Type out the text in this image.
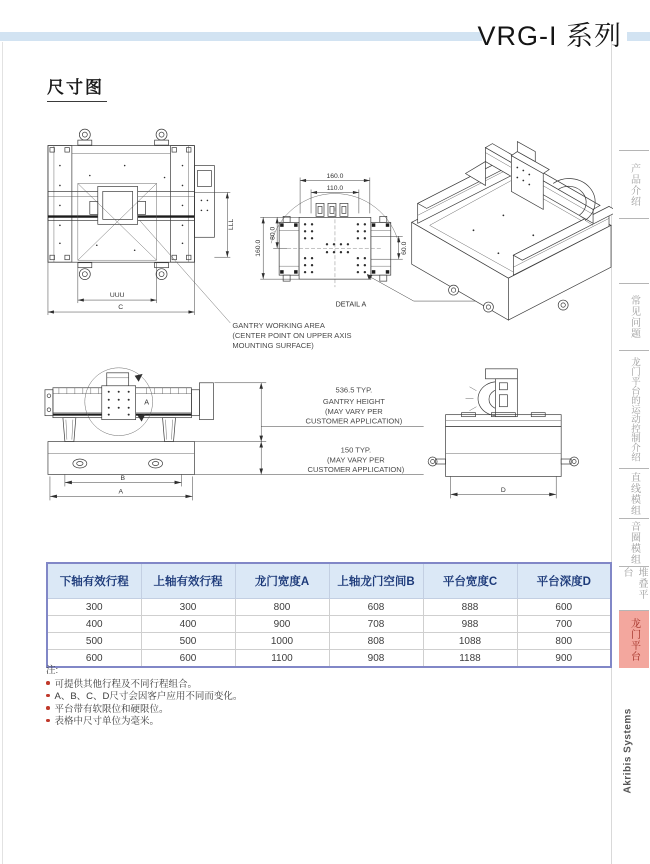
VRG-I 系列
尺寸图
UUU
C
LLL
GANTRY WORKING AREA
(CENTER POINT ON UPPER AXIS
MOUNTING SURFACE)
160.0
110.0
160.0
80.0
60.0
DETAIL A
A
B
A
536.5 TYP.
GANTRY HEIGHT
(MAY VARY PER
CUSTOMER APPLICATION)
150 TYP.
(MAY VARY PER
CUSTOMER APPLICATION)
D
下轴有效行程	上轴有效行程	龙门宽度A	上轴龙门空间B	平台宽度C	平台深度D
300	300	800	608	888	600
400	400	900	708	988	700
500	500	1000	808	1088	800
600	600	1100	908	1188	900
注:
可提供其他行程及不同行程组合。
A、B、C、D尺寸会因客户应用不同而变化。
平台带有软限位和硬限位。
表格中尺寸单位为毫米。
产品介绍
常见问题
龙门平台的运动控制介绍
直线模组
音圈模组
堆叠平台
龙门平台
Akribis Systems
